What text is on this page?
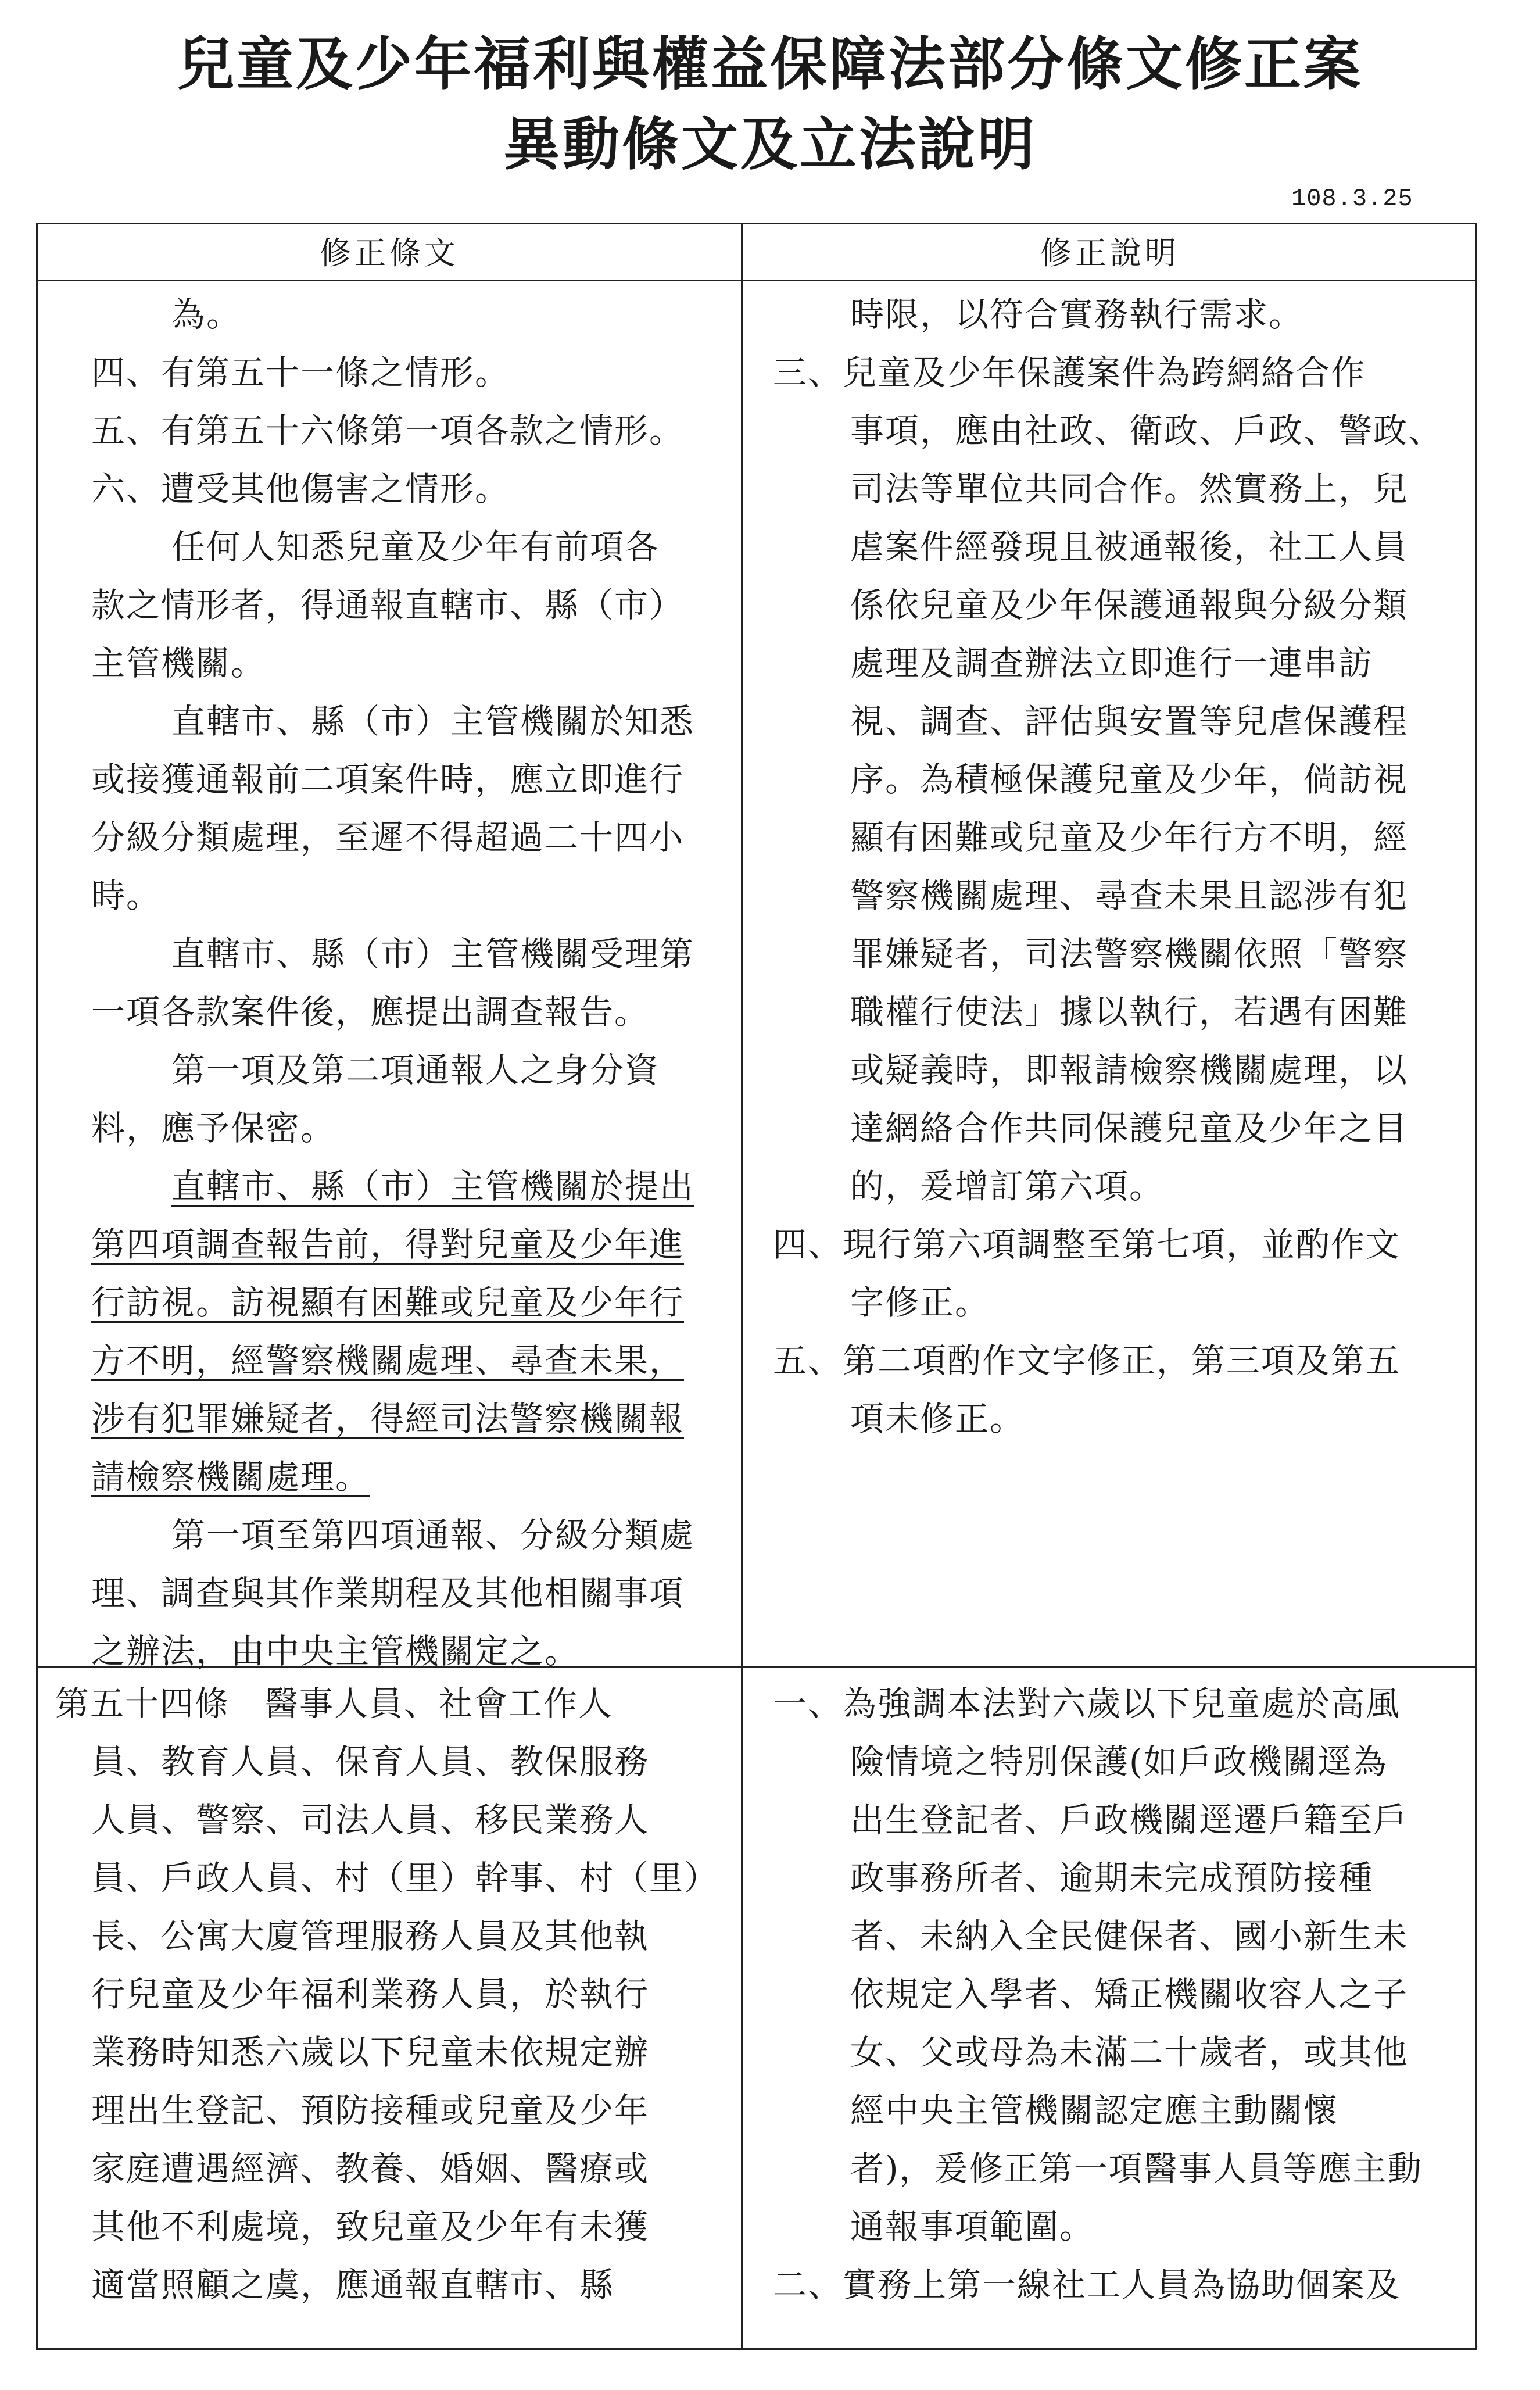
兒童及少年福利與權益保障法部分條文修正案
異動條文及立法說明
108.3.25
修正條文	修正說明
為。
四、有第五十一條之情形。
五、有第五十六條第一項各款之情形。
六、遭受其他傷害之情形。
任何人知悉兒童及少年有前項各
款之情形者，得通報直轄市、縣（市）
主管機關。
直轄市、縣（市）主管機關於知悉
或接獲通報前二項案件時，應立即進行
分級分類處理，至遲不得超過二十四小
時。
直轄市、縣（市）主管機關受理第
一項各款案件後，應提出調查報告。
第一項及第二項通報人之身分資
料，應予保密。
直轄市、縣（市）主管機關於提出
第四項調查報告前，得對兒童及少年進
行訪視。訪視顯有困難或兒童及少年行
方不明，經警察機關處理、尋查未果，
涉有犯罪嫌疑者，得經司法警察機關報
請檢察機關處理。
第一項至第四項通報、分級分類處
理、調查與其作業期程及其他相關事項
之辦法，由中央主管機關定之。
時限，以符合實務執行需求。
三、兒童及少年保護案件為跨網絡合作
事項，應由社政、衛政、戶政、警政、
司法等單位共同合作。然實務上，兒
虐案件經發現且被通報後，社工人員
係依兒童及少年保護通報與分級分類
處理及調查辦法立即進行一連串訪
視、調查、評估與安置等兒虐保護程
序。為積極保護兒童及少年，倘訪視
顯有困難或兒童及少年行方不明，經
警察機關處理、尋查未果且認涉有犯
罪嫌疑者，司法警察機關依照「警察
職權行使法」據以執行，若遇有困難
或疑義時，即報請檢察機關處理，以
達網絡合作共同保護兒童及少年之目
的，爰增訂第六項。
四、現行第六項調整至第七項，並酌作文
字修正。
五、第二項酌作文字修正，第三項及第五
項未修正。
第五十四條　醫事人員、社會工作人
員、教育人員、保育人員、教保服務
人員、警察、司法人員、移民業務人
員、戶政人員、村（里）幹事、村（里）
長、公寓大廈管理服務人員及其他執
行兒童及少年福利業務人員，於執行
業務時知悉六歲以下兒童未依規定辦
理出生登記、預防接種或兒童及少年
家庭遭遇經濟、教養、婚姻、醫療或
其他不利處境，致兒童及少年有未獲
適當照顧之虞，應通報直轄市、縣
一、為強調本法對六歲以下兒童處於高風
險情境之特別保護(如戶政機關逕為
出生登記者、戶政機關逕遷戶籍至戶
政事務所者、逾期未完成預防接種
者、未納入全民健保者、國小新生未
依規定入學者、矯正機關收容人之子
女、父或母為未滿二十歲者，或其他
經中央主管機關認定應主動關懷
者)，爰修正第一項醫事人員等應主動
通報事項範圍。
二、實務上第一線社工人員為協助個案及
